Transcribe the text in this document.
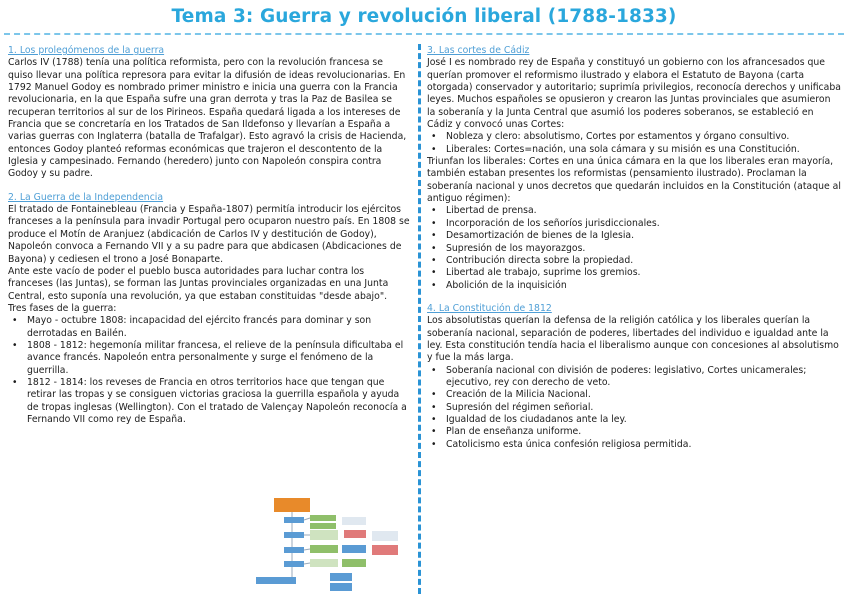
Tema 3: Guerra y revolución liberal (1788-1833)
1. Los prolegómenos de la guerra
Carlos IV (1788) tenía una política reformista, pero con la revolución francesa se quiso llevar una política represora para evitar la difusión de ideas revolucionarias. En 1792 Manuel Godoy es nombrado primer ministro e inicia una guerra con la Francia revolucionaria, en la que España sufre una gran derrota y tras la Paz de Basilea se recuperan territorios al sur de los Pirineos. España quedará ligada a los intereses de Francia que se concretaría en los Tratados de San Ildefonso y llevarían a España a varias guerras con Inglaterra (batalla de Trafalgar). Esto agravó la crisis de Hacienda, entonces Godoy planteó reformas económicas que trajeron el descontento de la Iglesia y campesinado. Fernando (heredero) junto con Napoleón conspira contra Godoy y su padre.
2. La Guerra de la Independencia
El tratado de Fontainebleau (Francia y España-1807) permitía introducir los ejércitos franceses a la península para invadir Portugal pero ocuparon nuestro país. En 1808 se produce el Motín de Aranjuez (abdicación de Carlos IV y destitución de Godoy), Napoleón convoca a Fernando VII y a su padre para que abdicasen (Abdicaciones de Bayona) y cediesen el trono a José Bonaparte.
Ante este vacío de poder el pueblo busca autoridades para luchar contra los franceses (las Juntas), se forman las Juntas provinciales organizadas en una Junta Central, esto suponía una revolución, ya que estaban constituidas "desde abajo".
Tres fases de la guerra:
• Mayo - octubre 1808: incapacidad del ejército francés para dominar y son derrotadas en Bailén.
• 1808 - 1812: hegemonía militar francesa, el relieve de la península dificultaba el avance francés. Napoleón entra personalmente y surge el fenómeno de la guerrilla.
• 1812 - 1814: los reveses de Francia en otros territorios hace que tengan que retirar las tropas y se consiguen victorias graciosa la guerrilla española y ayuda de tropas inglesas (Wellington). Con el tratado de Valençay Napoleón reconocía a Fernando VII como rey de España.
3. Las cortes de Cádiz
José I es nombrado rey de España y constituyó un gobierno con los afrancesados que querían promover el reformismo ilustrado y elabora el Estatuto de Bayona (carta otorgada) conservador y autoritario; suprimía privilegios, reconocía derechos y unificaba leyes. Muchos españoles se opusieron y crearon las Juntas provinciales que asumieron la soberanía y la Junta Central que asumió los poderes soberanos, se estableció en Cádiz y convocó unas Cortes:
• Nobleza y clero: absolutismo, Cortes por estamentos y órgano consultivo.
• Liberales: Cortes=nación, una sola cámara y su misión es una Constitución.
Triunfan los liberales: Cortes en una única cámara en la que los liberales eran mayoría, también estaban presentes los reformistas (pensamiento ilustrado). Proclaman la soberanía nacional y unos decretos que quedarán incluidos en la Constitución (ataque al antiguo régimen):
• Libertad de prensa.
• Incorporación de los señoríos jurisdiccionales.
• Desamortización de bienes de la Iglesia.
• Supresión de los mayorazgos.
• Contribución directa sobre la propiedad.
• Libertad ale trabajo, suprime los gremios.
• Abolición de la inquisición
4. La Constitución de 1812
Los absolutistas querían la defensa de la religión católica y los liberales querían la soberanía nacional, separación de poderes, libertades del individuo e igualdad ante la ley. Esta constitución tendía hacia el liberalismo aunque con concesiones al absolutismo y fue la más larga.
• Soberanía nacional con división de poderes: legislativo, Cortes unicamerales; ejecutivo, rey con derecho de veto.
• Creación de la Milicia Nacional.
• Supresión del régimen señorial.
• Igualdad de los ciudadanos ante la ley.
• Plan de enseñanza uniforme.
• Catolicismo esta única confesión religiosa permitida.
